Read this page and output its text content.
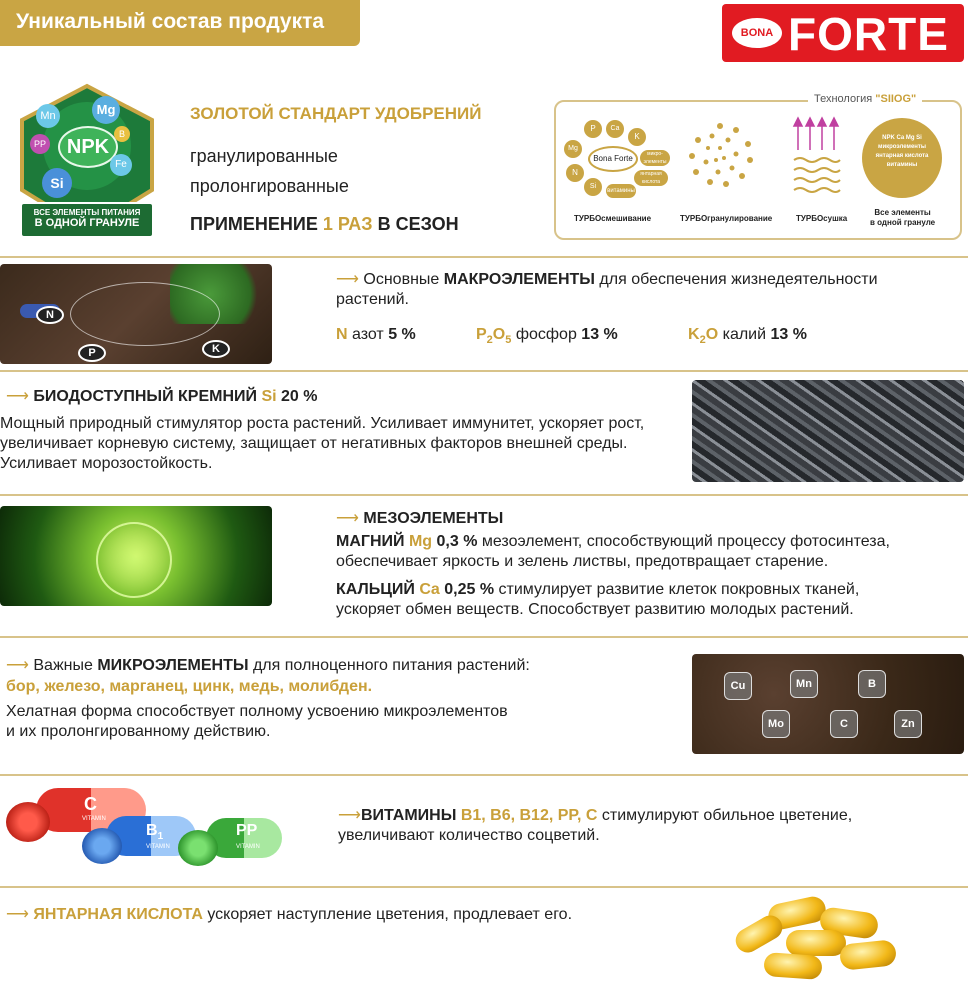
Уникальный состав продукта	BONA FORTE
NPK
Mn	Mg
PP
B
Fe
Si
ВСЕ ЭЛЕМЕНТЫ ПИТАНИЯ
В ОДНОЙ ГРАНУЛЕ
ЗОЛОТОЙ СТАНДАРТ УДОБРЕНИЙ
гранулированные
пролонгированные
ПРИМЕНЕНИЕ 1 РАЗ В СЕЗОН
Технология "SIIOG"
Bona Forte
P	Ca
K
Mg
N
Si
микро-элементы
янтарная кислота
витамины
ТУРБОсмешивание	ТУРБОгранулирование	ТУРБОсушка
NPK Ca Mg Si микроэлементы янтарная кислота витамины
Все элементы
в одной грануле
N
P	K
⟶ Основные МАКРОЭЛЕМЕНТЫ для обеспечения жизнедеятельности
растений.
N азот 5 %	$P_2O_5$ фосфор 13 %	$K_2O$ калий 13 %
⟶ БИОДОСТУПНЫЙ КРЕМНИЙ Si 20 %
Мощный природный стимулятор роста растений. Усиливает иммунитет, ускоряет рост,
увеличивает корневую систему, защищает от негативных факторов внешней среды.
Усиливает морозостойкость.
⟶ МЕЗОЭЛЕМЕНТЫ
МАГНИЙ Mg 0,3 % мезоэлемент, способствующий процессу фотосинтеза,
обеспечивает яркость и зелень листвы, предотвращает старение.
КАЛЬЦИЙ Ca 0,25 % стимулирует развитие клеток покровных тканей,
ускоряет обмен веществ. Способствует развитию молодых растений.
⟶ Важные МИКРОЭЛЕМЕНТЫ для полноценного питания растений:
бор, железо, марганец, цинк, медь, молибден.
Хелатная форма способствует полному усвоению микроэлементов
и их пролонгированному действию.
Cu	Mn	B
Mo	C	Zn
C
VITAMIN
$B_1$
VITAMIN
PP
VITAMIN
⟶ВИТАМИНЫ B1, B6, B12, PP, C стимулируют обильное цветение,
увеличивают количество соцветий.
⟶ ЯНТАРНАЯ КИСЛОТА ускоряет наступление цветения, продлевает его.
